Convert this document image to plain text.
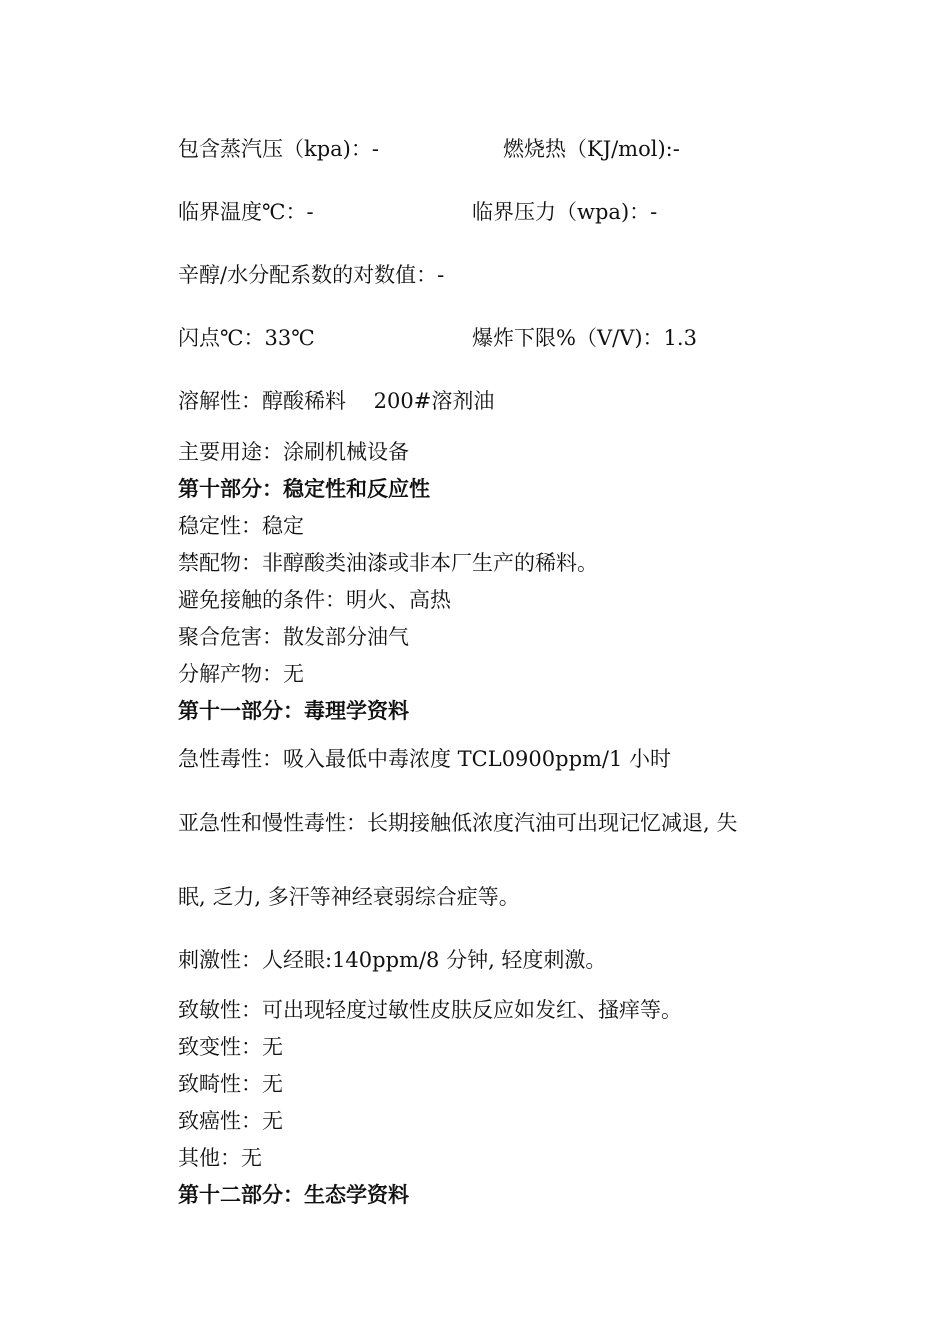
包含蒸汽压（kpa)：-	燃烧热（KJ/mol):-
临界温度℃：-	临界压力（wpa)：-
辛醇/水分配系数的对数值：-
闪点℃：33℃	爆炸下限%（V/V)：1.3
溶解性：醇酸稀料　 200#溶剂油
主要用途：涂刷机械设备
第十部分：稳定性和反应性
稳定性：稳定
禁配物：非醇酸类油漆或非本厂生产的稀料。
避免接触的条件：明火、高热
聚合危害：散发部分油气
分解产物：无
第十一部分：毒理学资料
急性毒性：吸入最低中毒浓度 TCL0900ppm/1 小时
亚急性和慢性毒性：长期接触低浓度汽油可出现记忆减退, 失
眠, 乏力, 多汗等神经衰弱综合症等。
刺激性：人经眼:140ppm/8 分钟, 轻度刺激。
致敏性：可出现轻度过敏性皮肤反应如发红、搔痒等。
致变性：无
致畸性：无
致癌性：无
其他：无
第十二部分：生态学资料
